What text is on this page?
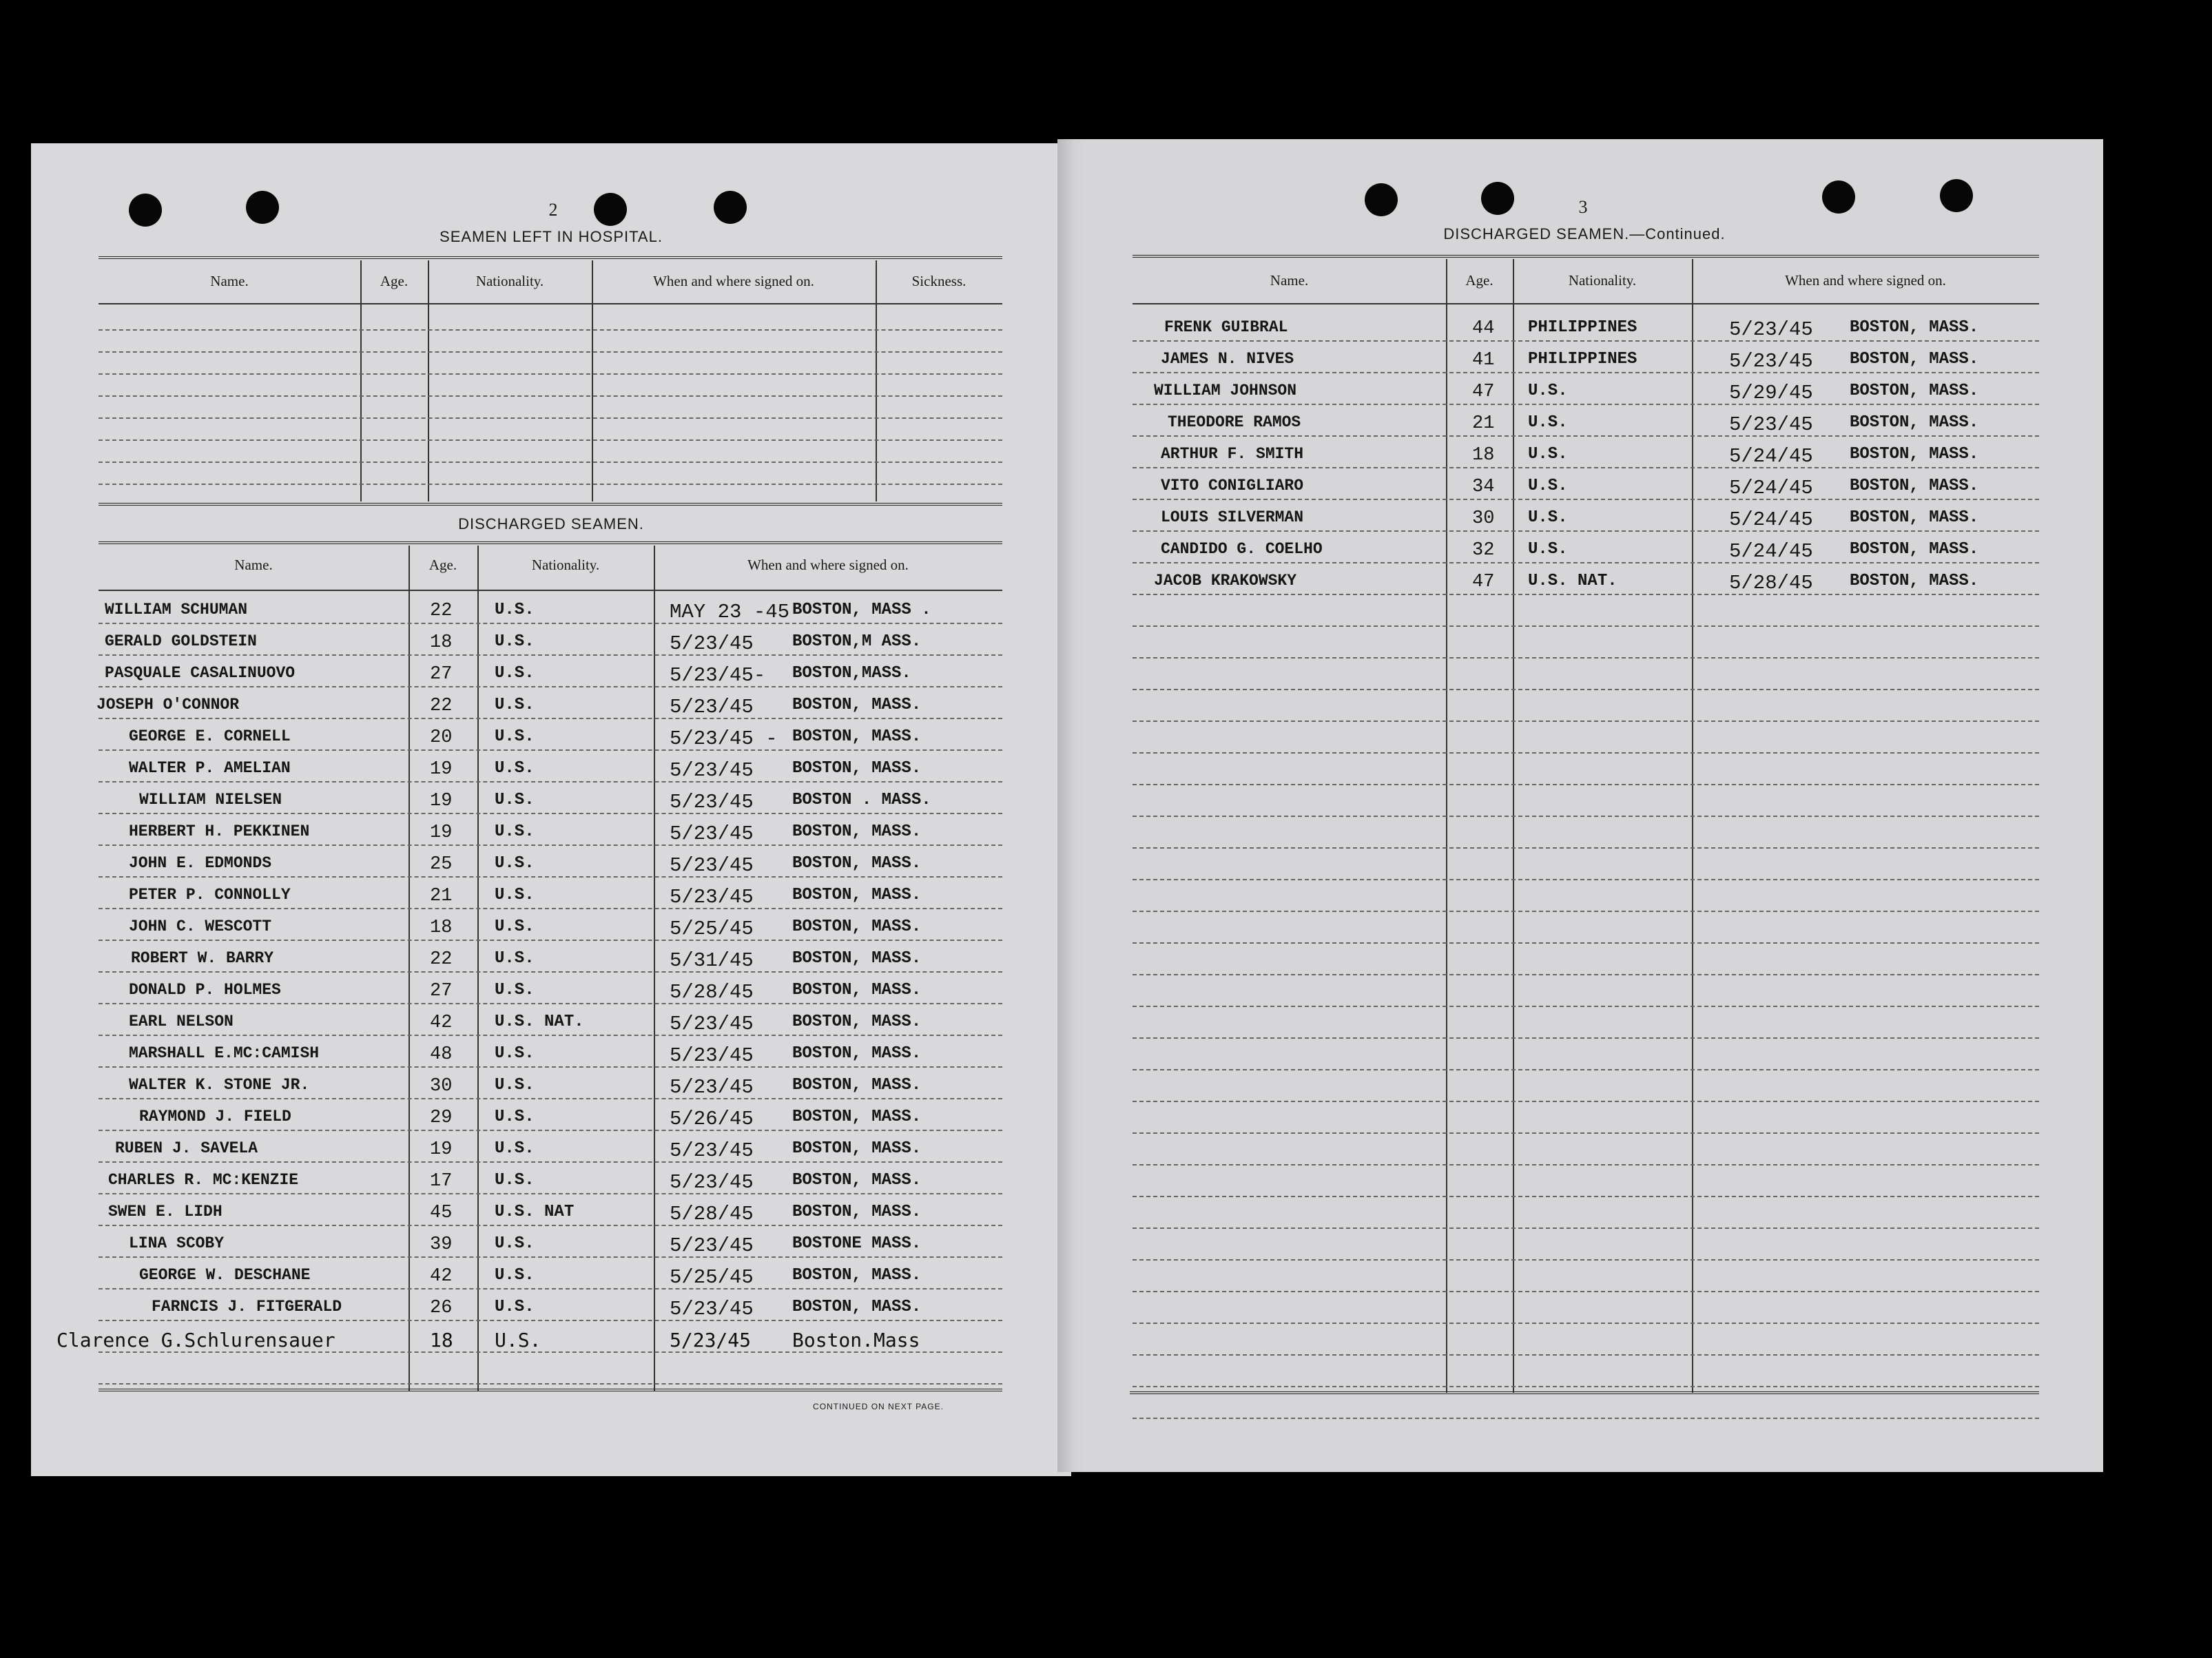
2
SEAMEN LEFT IN HOSPITAL.
Name.	Age.	Nationality.	When and where signed on.	Sickness.
DISCHARGED SEAMEN.
Name.	Age.	Nationality.	When and where signed on.
WILLIAM SCHUMAN	22	U.S.	MAY 23 -45 BOSTON, MASS .
GERALD GOLDSTEIN	18	U.S.	5/23/45 BOSTON,M ASS.
PASQUALE CASALINUOVO	27	U.S.	5/23/45- BOSTON,MASS.
JOSEPH O'CONNOR	22	U.S.	5/23/45 BOSTON, MASS.
GEORGE E. CORNELL	20	U.S.	5/23/45 - BOSTON, MASS.
WALTER P. AMELIAN	19	U.S.	5/23/45 BOSTON, MASS.
WILLIAM NIELSEN	19	U.S.	5/23/45 BOSTON . MASS.
HERBERT H. PEKKINEN	19	U.S.	5/23/45 BOSTON, MASS.
JOHN E. EDMONDS	25	U.S.	5/23/45 BOSTON, MASS.
PETER P. CONNOLLY	21	U.S.	5/23/45 BOSTON, MASS.
JOHN C. WESCOTT	18	U.S.	5/25/45 BOSTON, MASS.
ROBERT W. BARRY	22	U.S.	5/31/45 BOSTON, MASS.
DONALD P. HOLMES	27	U.S.	5/28/45 BOSTON, MASS.
EARL NELSON	42	U.S. NAT.	5/23/45 BOSTON, MASS.
MARSHALL E.MC:CAMISH	48	U.S.	5/23/45 BOSTON, MASS.
WALTER K. STONE JR.	30	U.S.	5/23/45 BOSTON, MASS.
RAYMOND J. FIELD	29	U.S.	5/26/45 BOSTON, MASS.
RUBEN J. SAVELA	19	U.S.	5/23/45 BOSTON, MASS.
CHARLES R. MC:KENZIE	17	U.S.	5/23/45 BOSTON, MASS.
SWEN E. LIDH	45	U.S. NAT	5/28/45 BOSTON, MASS.
LINA SCOBY	39	U.S.	5/23/45 BOSTONE MASS.
GEORGE W. DESCHANE	42	U.S.	5/25/45 BOSTON, MASS.
FARNCIS J. FITGERALD	26	U.S.	5/23/45 BOSTON, MASS.
Clarence G.Schlurensauer	18 U.S.	5/23/45 Boston.Mass
CONTINUED ON NEXT PAGE.
3
DISCHARGED SEAMEN.—Continued.
Name.	Age.	Nationality.	When and where signed on.
FRENK GUIBRAL	44 PHILIPPINES	5/23/45 BOSTON, MASS.
JAMES N. NIVES	41 PHILIPPINES	5/23/45 BOSTON, MASS.
WILLIAM JOHNSON	47 U.S.	5/29/45 BOSTON, MASS.
THEODORE RAMOS	21 U.S.	5/23/45 BOSTON, MASS.
ARTHUR F. SMITH	18 U.S.	5/24/45 BOSTON, MASS.
VITO CONIGLIARO	34 U.S.	5/24/45 BOSTON, MASS.
LOUIS SILVERMAN	30 U.S.	5/24/45 BOSTON, MASS.
CANDIDO G. COELHO	32 U.S.	5/24/45 BOSTON, MASS.
JACOB KRAKOWSKY	47 U.S. NAT.	5/28/45 BOSTON, MASS.
